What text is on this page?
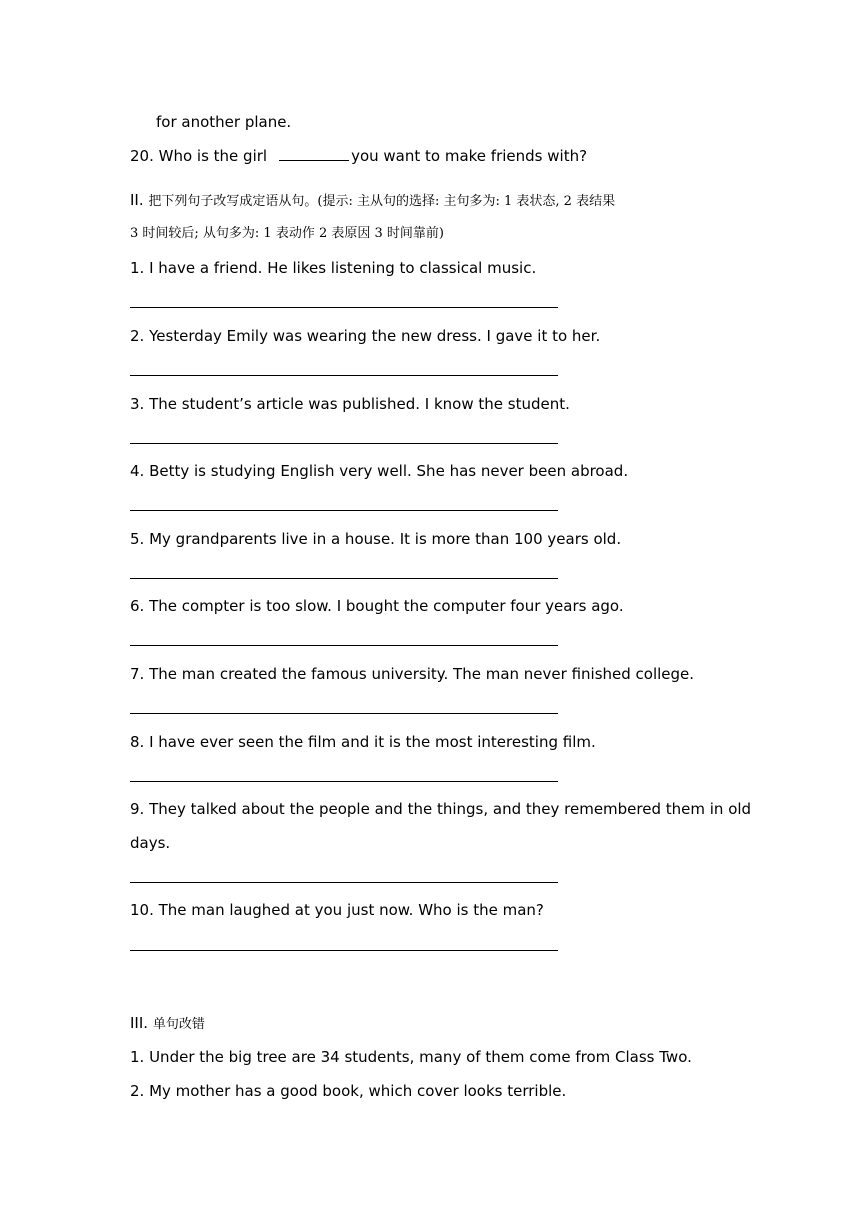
for another plane.
20. Who is the girl	you want to make friends with?
II. 把下列句子改写成定语从句。(提示: 主从句的选择: 主句多为: 1 表状态, 2 表结果
3 时间较后; 从句多为: 1 表动作 2 表原因 3 时间靠前)
1. I have a friend. He likes listening to classical music.
2. Yesterday Emily was wearing the new dress. I gave it to her.
3. The student’s article was published. I know the student.
4. Betty is studying English very well. She has never been abroad.
5. My grandparents live in a house. It is more than 100 years old.
6. The compter is too slow. I bought the computer four years ago.
7. The man created the famous university. The man never finished college.
8. I have ever seen the film and it is the most interesting film.
9. They talked about the people and the things, and they remembered them in old
days.
10. The man laughed at you just now. Who is the man?
III. 单句改错
1. Under the big tree are 34 students, many of them come from Class Two.
2. My mother has a good book, which cover looks terrible.
